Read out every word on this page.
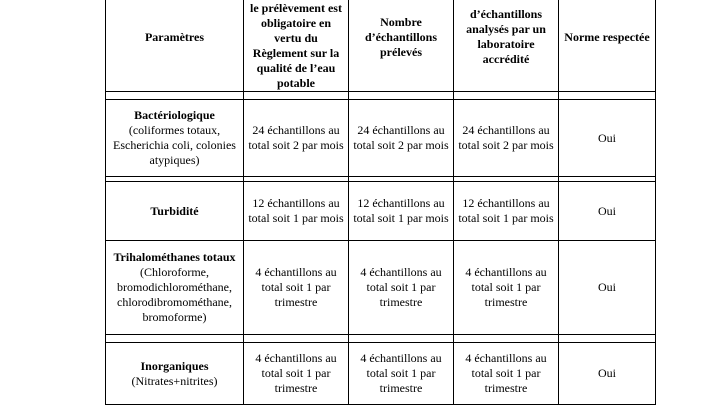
Paramètres	le prélèvement est obligatoire en vertu du Règlement sur la qualité de l’eau potable	Nombre d’échantillons prélevés	d’échantillons analysés par un laboratoire accrédité	Norme respectée

Bactériologique
(coliformes totaux, Escherichia coli, colonies atypiques)	24 échantillons au total soit 2 par mois	24 échantillons au total soit 2 par mois	24 échantillons au total soit 2 par mois	Oui

Turbidité	12 échantillons au total soit 1 par mois	12 échantillons au total soit 1 par mois	12 échantillons au total soit 1 par mois	Oui

Trihalométhanes totaux
(Chloroforme, bromodichlorométhane, chlorodibromométhane, bromoforme)	4 échantillons au total soit 1 par trimestre	4 échantillons au total soit 1 par trimestre	4 échantillons au total soit 1 par trimestre	Oui

Inorganiques
(Nitrates+nitrites)	4 échantillons au total soit 1 par trimestre	4 échantillons au total soit 1 par trimestre	4 échantillons au total soit 1 par trimestre	Oui
